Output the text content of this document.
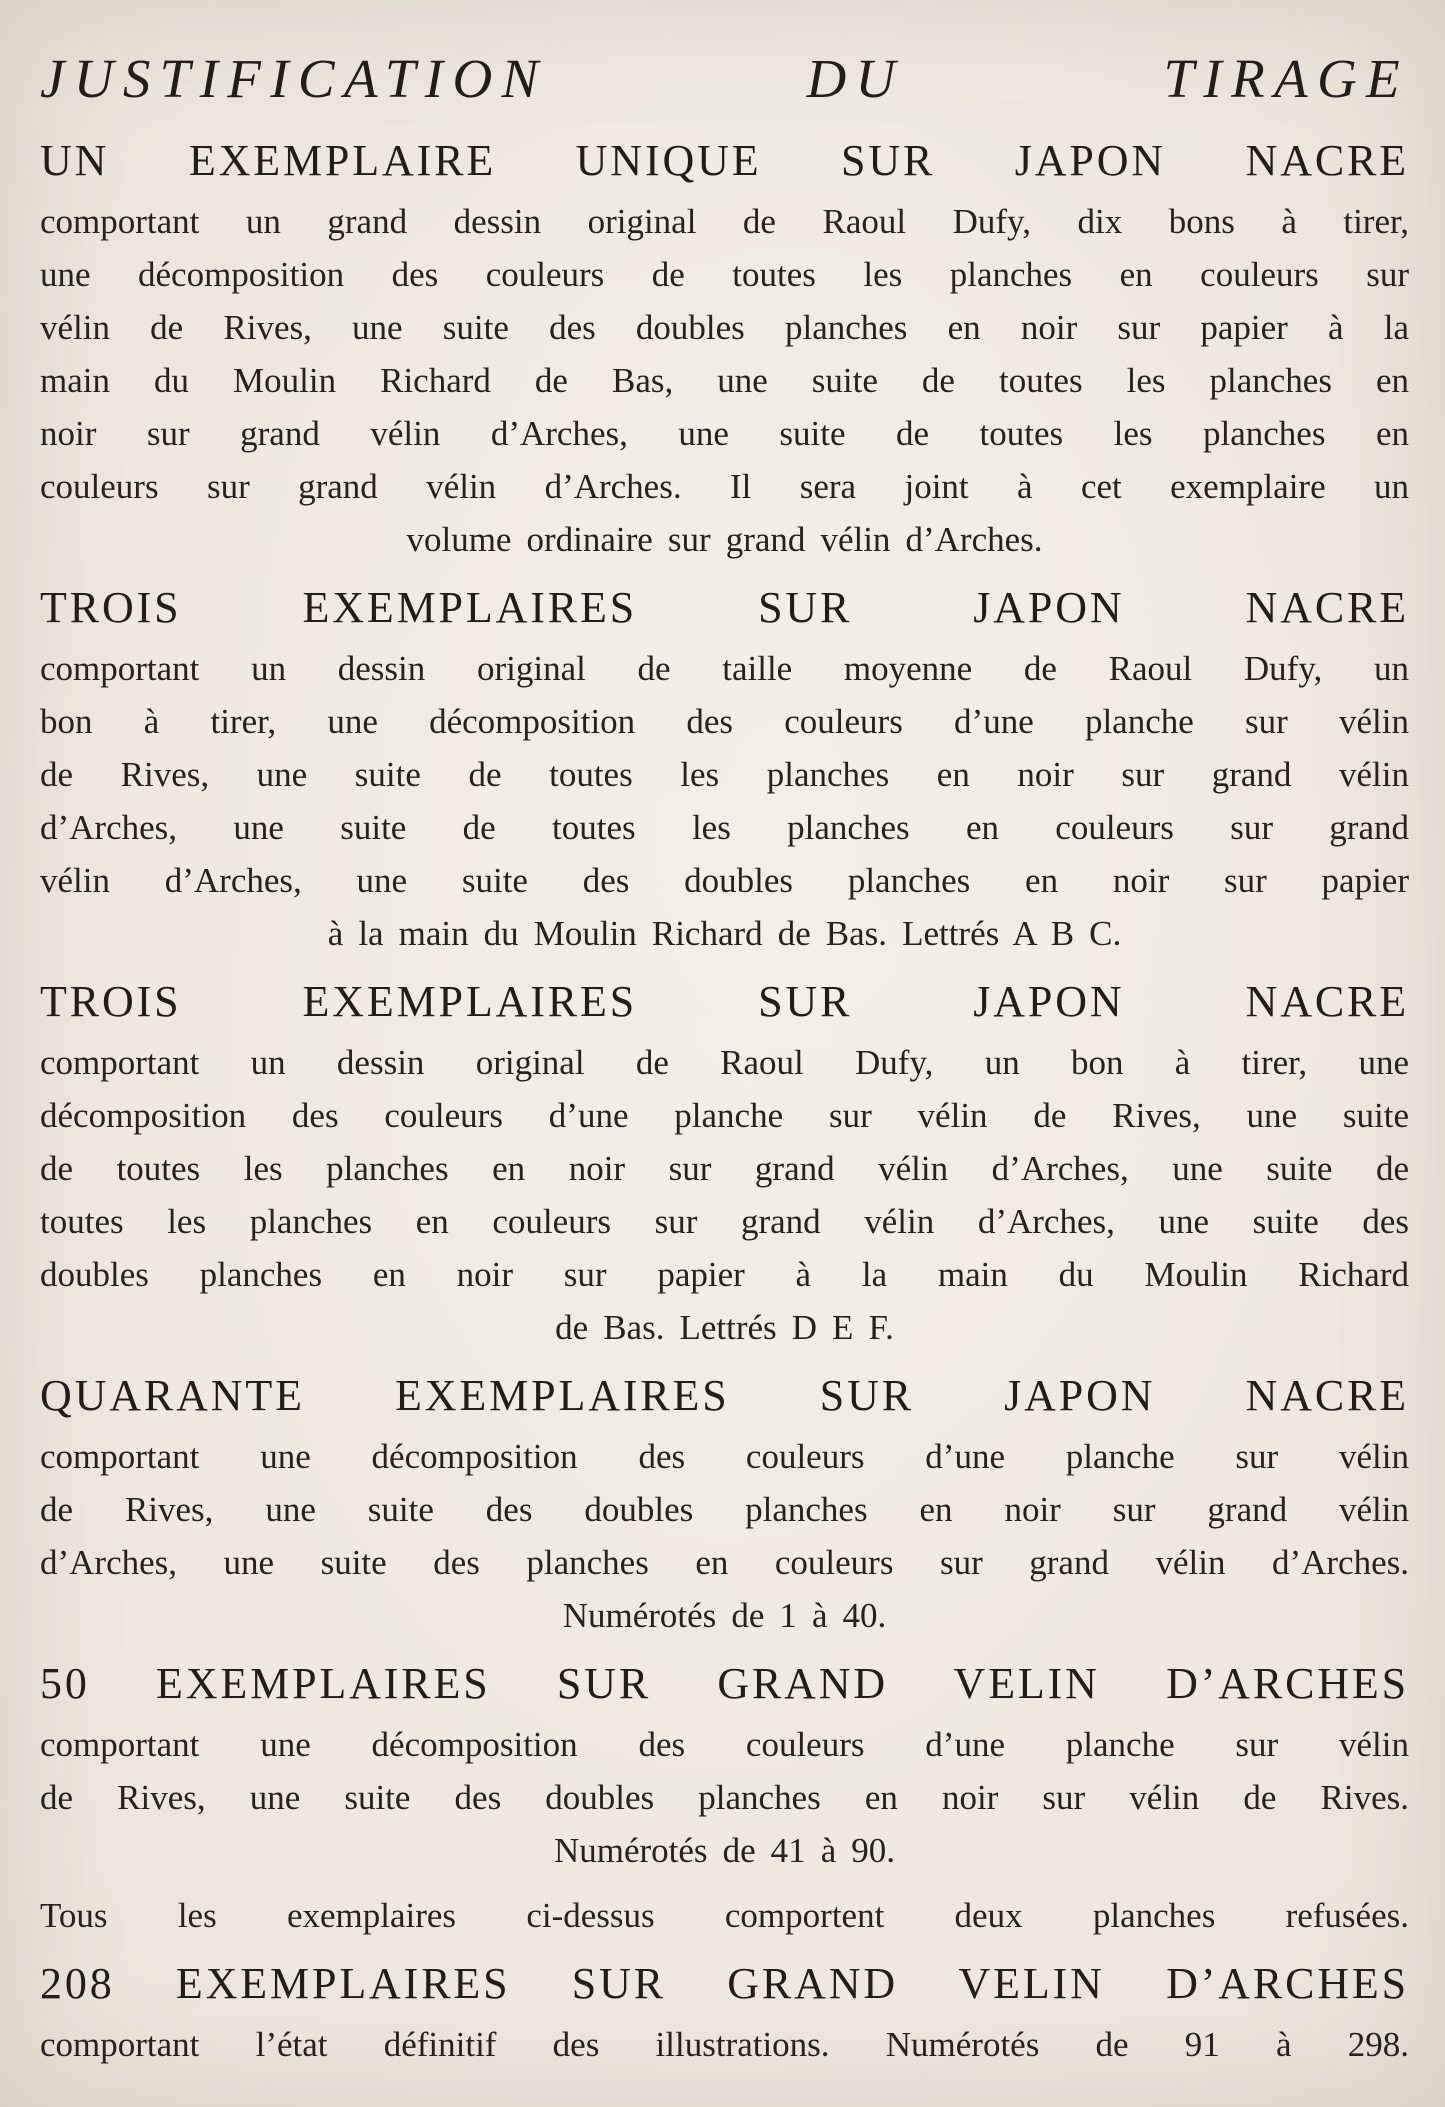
JUSTIFICATION DU TIRAGE
UN EXEMPLAIRE UNIQUE SUR JAPON NACRE
comportant un grand dessin original de Raoul Dufy, dix bons à tirer,
une décomposition des couleurs de toutes les planches en couleurs sur
vélin de Rives, une suite des doubles planches en noir sur papier à la
main du Moulin Richard de Bas, une suite de toutes les planches en
noir sur grand vélin d’Arches, une suite de toutes les planches en
couleurs sur grand vélin d’Arches. Il sera joint à cet exemplaire un
volume ordinaire sur grand vélin d’Arches.
TROIS EXEMPLAIRES SUR JAPON NACRE
comportant un dessin original de taille moyenne de Raoul Dufy, un
bon à tirer, une décomposition des couleurs d’une planche sur vélin
de Rives, une suite de toutes les planches en noir sur grand vélin
d’Arches, une suite de toutes les planches en couleurs sur grand
vélin d’Arches, une suite des doubles planches en noir sur papier
à la main du Moulin Richard de Bas. Lettrés A B C.
TROIS EXEMPLAIRES SUR JAPON NACRE
comportant un dessin original de Raoul Dufy, un bon à tirer, une
décomposition des couleurs d’une planche sur vélin de Rives, une suite
de toutes les planches en noir sur grand vélin d’Arches, une suite de
toutes les planches en couleurs sur grand vélin d’Arches, une suite des
doubles planches en noir sur papier à la main du Moulin Richard
de Bas. Lettrés D E F.
QUARANTE EXEMPLAIRES SUR JAPON NACRE
comportant une décomposition des couleurs d’une planche sur vélin
de Rives, une suite des doubles planches en noir sur grand vélin
d’Arches, une suite des planches en couleurs sur grand vélin d’Arches.
Numérotés de 1 à 40.
50 EXEMPLAIRES SUR GRAND VELIN D’ARCHES
comportant une décomposition des couleurs d’une planche sur vélin
de Rives, une suite des doubles planches en noir sur vélin de Rives.
Numérotés de 41 à 90.
Tous les exemplaires ci-dessus comportent deux planches refusées.
208 EXEMPLAIRES SUR GRAND VELIN D’ARCHES
comportant l’état définitif des illustrations. Numérotés de 91 à 298.
